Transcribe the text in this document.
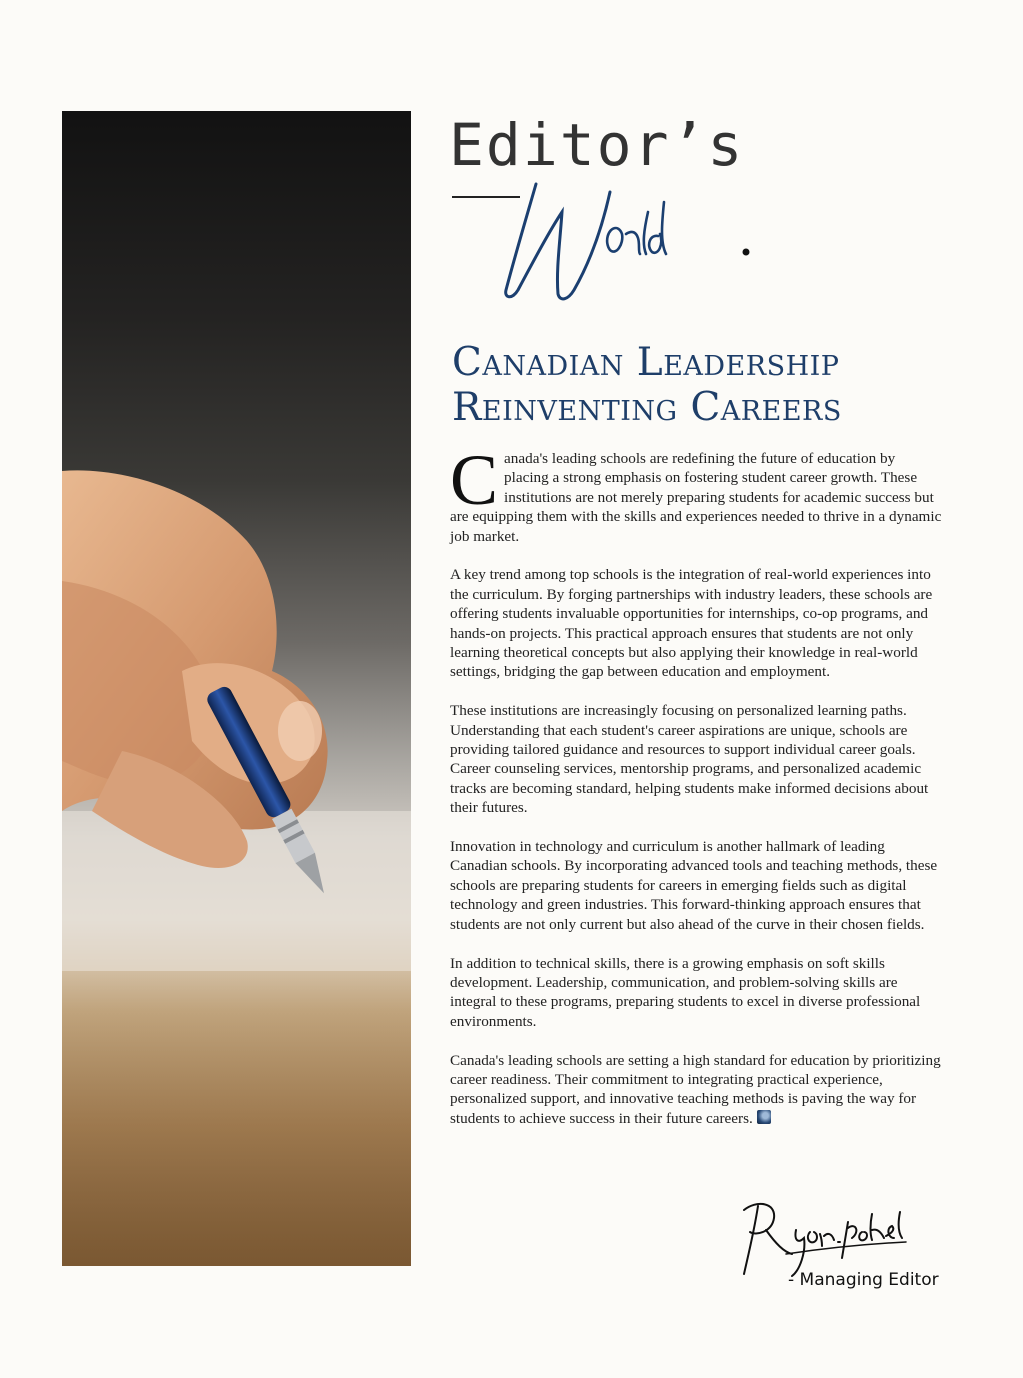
Editor’s
Canadian Leadership Reinventing Careers

Canada's leading schools are redefining the future of education by placing a strong emphasis on fostering student career growth. These institutions are not merely preparing students for academic success but are equipping them with the skills and experiences needed to thrive in a dynamic job market.

A key trend among top schools is the integration of real-world experiences into the curriculum. By forging partnerships with industry leaders, these schools are offering students invaluable opportunities for internships, co-op programs, and hands-on projects. This practical approach ensures that students are not only learning theoretical concepts but also applying their knowledge in real-world settings, bridging the gap between education and employment.

These institutions are increasingly focusing on personalized learning paths. Understanding that each student's career aspirations are unique, schools are providing tailored guidance and resources to support individual career goals. Career counseling services, mentorship programs, and personalized academic tracks are becoming standard, helping students make informed decisions about their futures.

Innovation in technology and curriculum is another hallmark of leading Canadian schools. By incorporating advanced tools and teaching methods, these schools are preparing students for careers in emerging fields such as digital technology and green industries. This forward-thinking approach ensures that students are not only current but also ahead of the curve in their chosen fields.

In addition to technical skills, there is a growing emphasis on soft skills development. Leadership, communication, and problem-solving skills are integral to these programs, preparing students to excel in diverse professional environments.

Canada's leading schools are setting a high standard for education by prioritizing career readiness. Their commitment to integrating practical experience, personalized support, and innovative teaching methods is paving the way for students to achieve success in their future careers.

- Managing Editor
